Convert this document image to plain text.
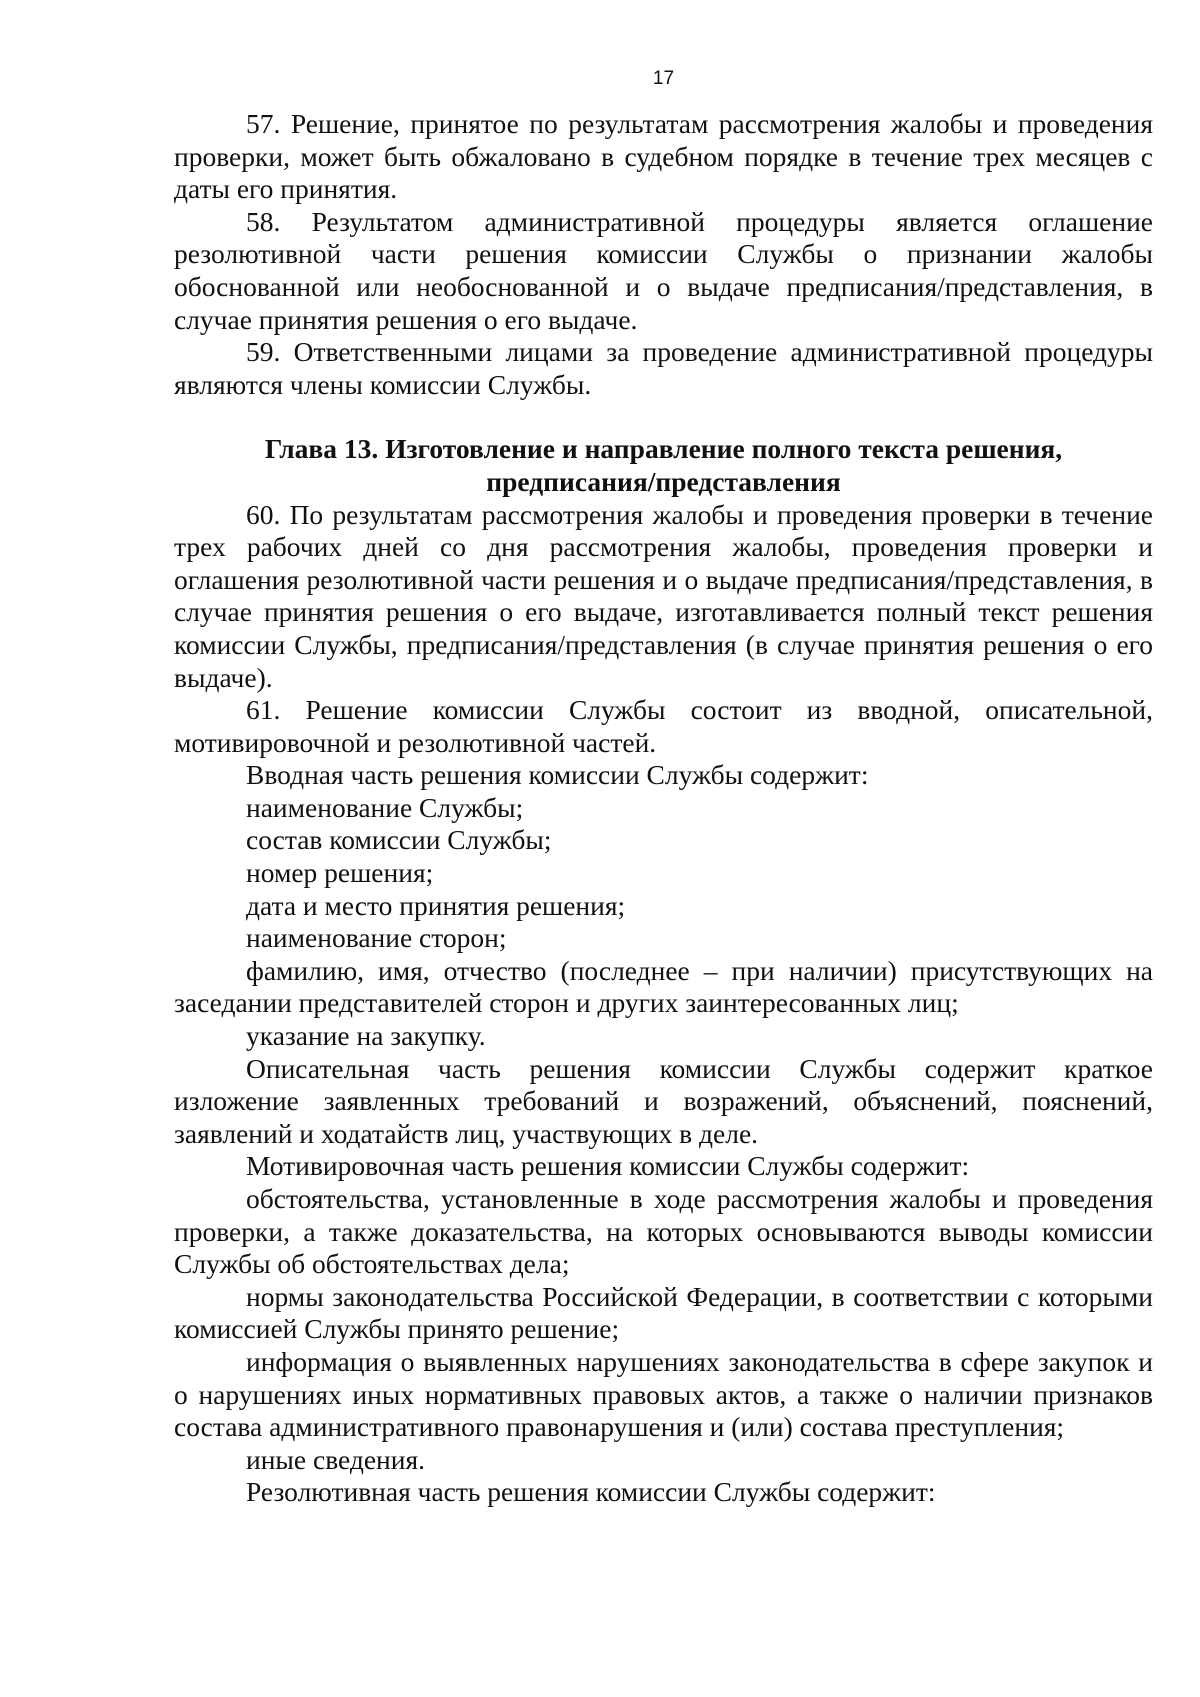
17

57. Решение, принятое по результатам рассмотрения жалобы и проведения проверки, может быть обжаловано в судебном порядке в течение трех месяцев с даты его принятия.

58. Результатом административной процедуры является оглашение резолютивной части решения комиссии Службы о признании жалобы обоснованной или необоснованной и о выдаче предписания/представления, в случае принятия решения о его выдаче.

59. Ответственными лицами за проведение административной процедуры являются члены комиссии Службы.

Глава 13. Изготовление и направление полного текста решения,
предписания/представления

60. По результатам рассмотрения жалобы и проведения проверки в течение трех рабочих дней со дня рассмотрения жалобы, проведения проверки и оглашения резолютивной части решения и о выдаче предписания/представления, в случае принятия решения о его выдаче, изготавливается полный текст решения комиссии Службы, предписания/представления (в случае принятия решения о его выдаче).

61. Решение комиссии Службы состоит из вводной, описательной, мотивировочной и резолютивной частей.

Вводная часть решения комиссии Службы содержит:

наименование Службы;

состав комиссии Службы;

номер решения;

дата и место принятия решения;

наименование сторон;

фамилию, имя, отчество (последнее – при наличии) присутствующих на заседании представителей сторон и других заинтересованных лиц;

указание на закупку.

Описательная часть решения комиссии Службы содержит краткое изложение заявленных требований и возражений, объяснений, пояснений, заявлений и ходатайств лиц, участвующих в деле.

Мотивировочная часть решения комиссии Службы содержит:

обстоятельства, установленные в ходе рассмотрения жалобы и проведения проверки, а также доказательства, на которых основываются выводы комиссии Службы об обстоятельствах дела;

нормы законодательства Российской Федерации, в соответствии с которыми комиссией Службы принято решение;

информация о выявленных нарушениях законодательства в сфере закупок и о нарушениях иных нормативных правовых актов, а также о наличии признаков состава административного правонарушения и (или) состава преступления;

иные сведения.

Резолютивная часть решения комиссии Службы содержит:
